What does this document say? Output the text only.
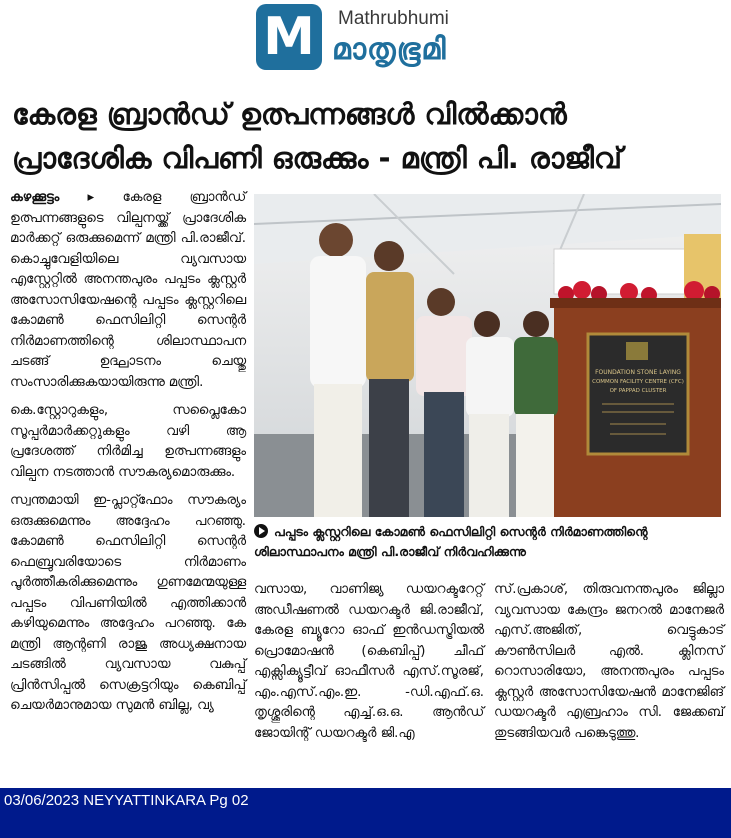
M	Mathrubhumi
മാതൃഭൂമി
കേരള ബ്രാൻഡ് ഉത്പന്നങ്ങൾ വിൽക്കാൻ
പ്രാദേശിക വിപണി ഒരുക്കും - മന്ത്രി പി. രാജീവ്

കഴക്കൂട്ടം ▸ കേരള ബ്രാൻഡ് ഉത്പന്നങ്ങളുടെ വില്പനയ്ക്ക് പ്രാദേശിക മാർക്കറ്റ് ഒരുക്കുമെന്ന് മന്ത്രി പി.രാജീവ്. കൊച്ചുവേളിയിലെ വ്യവസായ എസ്റ്റേറ്റിൽ അനന്തപുരം പപ്പടം ക്ലസ്റ്റർ അസോസിയേഷന്റെ പപ്പടം ക്ലസ്റ്ററിലെ കോമൺ ഫെസിലിറ്റി സെന്റർ നിർമാണത്തിന്റെ ശിലാസ്ഥാപന ചടങ്ങ് ഉദ്ഘാടനം ചെയ്തു സംസാരിക്കുകയായിരുന്നു മന്ത്രി.

കെ.സ്റ്റോറുകളും, സപ്ലൈകോ സൂപ്പർമാർക്കറ്റുകളും വഴി ആ പ്രദേശത്ത് നിർമിച്ച ഉത്പന്നങ്ങളും വില്പന നടത്താൻ സൗകര്യമൊരുക്കും.

സ്വന്തമായി ഇ-പ്ലാറ്റ്ഫോം സൗകര്യം ഒരുക്കുമെന്നും അദ്ദേഹം പറഞ്ഞു. കോമൺ ഫെസിലിറ്റി സെന്റർ ഫെബ്രുവരിയോടെ നിർമാണം പൂർത്തീകരിക്കുമെന്നും ഗുണമേന്മയുള്ള പപ്പടം വിപണിയിൽ എത്തിക്കാൻ കഴിയുമെന്നും അദ്ദേഹം പറഞ്ഞു. കേ മന്ത്രി ആന്റണി രാജു അധ്യക്ഷനായ ചടങ്ങിൽ വ്യവസായ വകുപ്പ് പ്രിൻസിപ്പൽ സെക്രട്ടറിയും കെബിപ്പ് ചെയർമാനുമായ സുമൻ ബില്ല, വ്യ

FOUNDATION STONE LAYING
COMMON FACILITY CENTRE (CFC)
OF PAPPAD CLUSTER
പപ്പടം ക്ലസ്റ്ററിലെ കോമൺ ഫെസിലിറ്റി സെന്റർ നിർമാണത്തിന്റെ ശിലാസ്ഥാപനം മന്ത്രി പി.രാജീവ് നിർവഹിക്കുന്നു
വസായ, വാണിജ്യ ഡയറക്ടറേറ്റ് അഡീഷണൽ ഡയറക്ടർ ജി.രാജീവ്, കേരള ബ്യൂറോ ഓഫ് ഇൻഡസ്ട്രിയൽ പ്രൊമോഷൻ (കെബിപ്പ്) ചീഫ് എക്സിക്യൂട്ടീവ് ഓഫീസർ എസ്.സൂരജ്, എം.എസ്.എം.ഇ. -ഡി.എഫ്.ഒ. തൃശ്ശൂരിന്റെ എച്ച്.ഒ.ഒ. ആൻഡ് ജോയിന്റ് ഡയറക്ടർ ജി.എ
സ്.പ്രകാശ്, തിരുവനന്തപുരം ജില്ലാ വ്യവസായ കേന്ദ്രം ജനറൽ മാനേജർ എസ്.അജിത്, വെട്ടുകാട് കൗൺസിലർ എൽ. ക്ലിനസ് റൊസാരിയോ, അനന്തപുരം പപ്പടം ക്ലസ്റ്റർ അസോസിയേഷൻ മാനേജിങ് ഡയറക്ടർ എബ്രഹാം സി. ജേക്കബ് തുടങ്ങിയവർ പങ്കെടുത്തു.
03/06/2023 NEYYATTINKARA Pg 02
